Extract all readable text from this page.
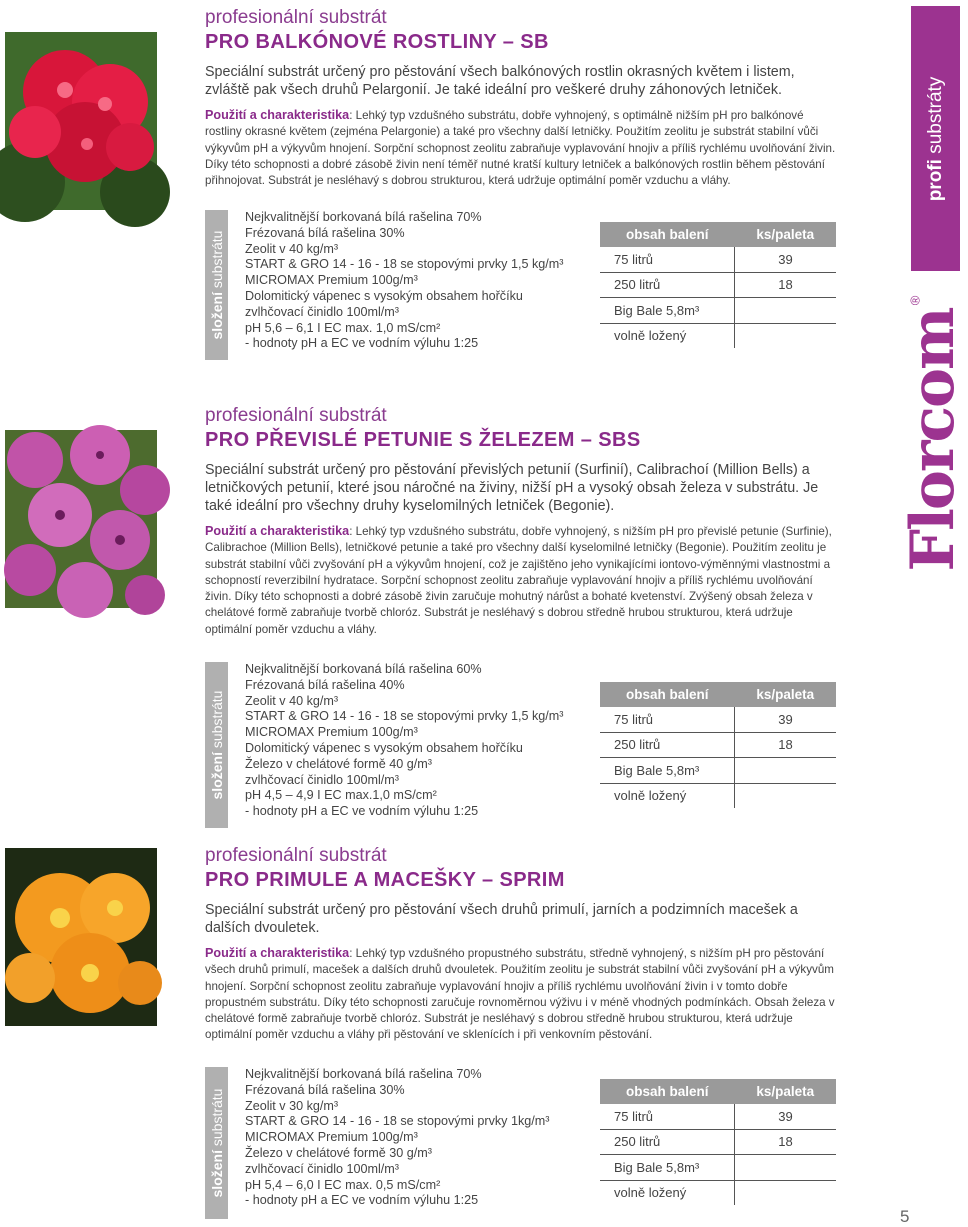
profesionální substrát

PRO BALKÓNOVÉ ROSTLINY – SB

Speciální substrát určený pro pěstování všech balkónových rostlin okrasných květem i listem, zvláště pak všech druhů Pelargonií. Je také ideální pro veškeré druhy záhonových letniček.

Použití a charakteristika: Lehký typ vzdušného substrátu, dobře vyhnojený, s optimálně nižším pH pro balkónové rostliny okrasné květem (zejména Pelargonie) a také pro všechny další letničky. Použitím zeolitu je substrát stabilní vůči výkyvům pH a výkyvům hnojení. Sorpční schopnost zeolitu zabraňuje vyplavování hnojiv a příliš rychlému uvolňování živin. Díky této schopnosti a dobré zásobě živin není téměř nutné kratší kultury letniček a balkónových rostlin během pěstování přihnojovat. Substrát je nesléhavý s dobrou strukturou, která udržuje optimální poměr vzduchu a vláhy.

složení substrátu
Nejkvalitnější borkovaná bílá rašelina 70%
Frézovaná bílá rašelina 30%
Zeolit v 40 kg/m³
START & GRO 14 - 16 - 18 se stopovými prvky 1,5 kg/m³
MICROMAX Premium 100g/m³
Dolomitický vápenec s vysokým obsahem hořčíku
zvlhčovací činidlo 100ml/m³
pH 5,6 – 6,1 I EC max. 1,0 mS/cm²
- hodnoty pH a EC ve vodním výluhu 1:25
obsah balení	ks/paleta
75 litrů	39
250 litrů	18
Big Bale 5,8m³	
volně ložený	

profesionální substrát

PRO PŘEVISLÉ PETUNIE S ŽELEZEM – SBS

Speciální substrát určený pro pěstování převislých petunií (Surfinií), Calibrachoí (Million Bells) a letničkových petunií, které jsou náročné na živiny, nižší pH a vysoký obsah železa v substrátu. Je také ideální pro všechny druhy kyselomilných letniček (Begonie).

Použití a charakteristika: Lehký typ vzdušného substrátu, dobře vyhnojený, s nižším pH pro převislé petunie (Surfinie), Calibrachoe (Million Bells), letničkové petunie a také pro všechny další kyselomilné letničky (Begonie). Použitím zeolitu je substrát stabilní vůči zvyšování pH a výkyvům hnojení, což je zajištěno jeho vynikajícími iontovo-výměnnými vlastnostmi a schopností reverzibilní hydratace. Sorpční schopnost zeolitu zabraňuje vyplavování hnojiv a příliš rychlému uvolňování živin. Díky této schopnosti a dobré zásobě živin zaručuje mohutný nárůst a bohaté kvetenství. Zvýšený obsah železa v chelátové formě zabraňuje tvorbě chloróz. Substrát je nesléhavý s dobrou středně hrubou strukturou, která udržuje optimální poměr vzduchu a vláhy.

složení substrátu
Nejkvalitnější borkovaná bílá rašelina 60%
Frézovaná bílá rašelina 40%
Zeolit v 40 kg/m³
START & GRO 14 - 16 - 18 se stopovými prvky 1,5 kg/m³
MICROMAX Premium 100g/m³
Dolomitický vápenec s vysokým obsahem hořčíku
Železo v chelátové formě 40 g/m³
zvlhčovací činidlo 100ml/m³
pH 4,5 – 4,9 I EC max.1,0 mS/cm²
- hodnoty pH a EC ve vodním výluhu 1:25
obsah balení	ks/paleta
75 litrů	39
250 litrů	18
Big Bale 5,8m³	
volně ložený	

profesionální substrát

PRO PRIMULE A MACEŠKY – SPRIM

Speciální substrát určený pro pěstování všech druhů primulí, jarních a podzimních macešek a dalších dvouletek.

Použití a charakteristika: Lehký typ vzdušného propustného substrátu, středně vyhnojený, s nižším pH pro pěstování všech druhů primulí, macešek a dalších druhů dvouletek. Použitím zeolitu je substrát stabilní vůči zvyšování pH a výkyvům hnojení. Sorpční schopnost zeolitu zabraňuje vyplavování hnojiv a příliš rychlému uvolňování živin i v tomto dobře propustném substrátu. Díky této schopnosti zaručuje rovnoměrnou výživu i v méně vhodných podmínkách. Obsah železa v chelátové formě zabraňuje tvorbě chloróz. Substrát je nesléhavý s dobrou středně hrubou strukturou, která udržuje optimální poměr vzduchu a vláhy při pěstování ve sklenících i při venkovním pěstování.

složení substrátu
Nejkvalitnější borkovaná bílá rašelina 70%
Frézovaná bílá rašelina 30%
Zeolit v 30 kg/m³
START & GRO 14 - 16 - 18 se stopovými prvky 1kg/m³
MICROMAX Premium 100g/m³
Železo v chelátové formě 30 g/m³
zvlhčovací činidlo 100ml/m³
pH 5,4 – 6,0 I EC max. 0,5 mS/cm²
- hodnoty pH a EC ve vodním výluhu 1:25
obsah balení	ks/paleta
75 litrů	39
250 litrů	18
Big Bale 5,8m³	
volně ložený	
profi substráty
®
Florcom
5
